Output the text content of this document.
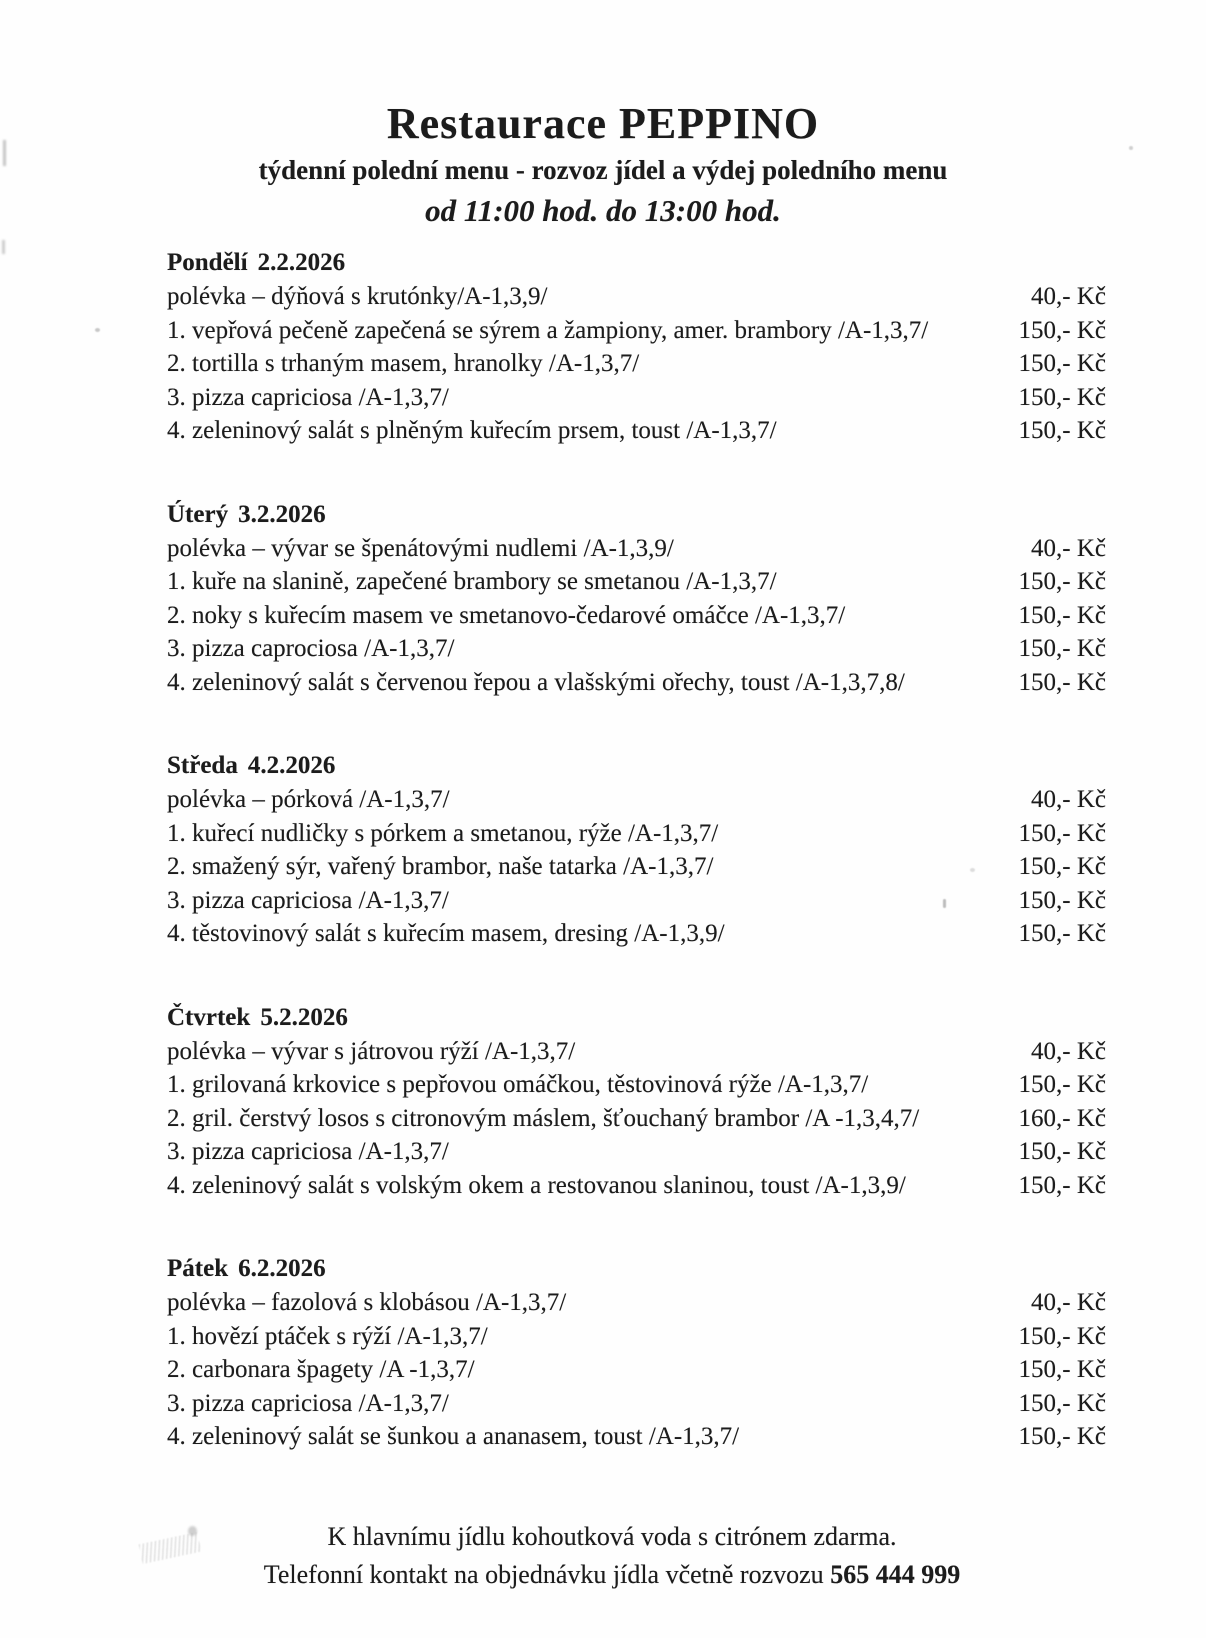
Restaurace PEPPINO
týdenní polední menu - rozvoz jídel a výdej poledního menu
od 11:00 hod. do 13:00 hod.
Pondělí 2.2.2026
polévka – dýňová s krutónky/A-1,3,9/	40,- Kč
1. vepřová pečeně zapečená se sýrem a žampiony, amer. brambory /A-1,3,7/	150,- Kč
2. tortilla s trhaným masem, hranolky /A-1,3,7/	150,- Kč
3. pizza capriciosa /A-1,3,7/	150,- Kč
4. zeleninový salát s plněným kuřecím prsem, toust /A-1,3,7/	150,- Kč
Úterý 3.2.2026
polévka – vývar se špenátovými nudlemi /A-1,3,9/	40,- Kč
1. kuře na slanině, zapečené brambory se smetanou /A-1,3,7/	150,- Kč
2. noky s kuřecím masem ve smetanovo-čedarové omáčce /A-1,3,7/	150,- Kč
3. pizza caprociosa /A-1,3,7/	150,- Kč
4. zeleninový salát s červenou řepou a vlašskými ořechy, toust /A-1,3,7,8/	150,- Kč
Středa 4.2.2026
polévka – pórková /A-1,3,7/	40,- Kč
1. kuřecí nudličky s pórkem a smetanou, rýže /A-1,3,7/	150,- Kč
2. smažený sýr, vařený brambor, naše tatarka /A-1,3,7/	150,- Kč
3. pizza capriciosa /A-1,3,7/	150,- Kč
4. těstovinový salát s kuřecím masem, dresing /A-1,3,9/	150,- Kč
Čtvrtek 5.2.2026
polévka – vývar s játrovou rýží /A-1,3,7/	40,- Kč
1. grilovaná krkovice s pepřovou omáčkou, těstovinová rýže /A-1,3,7/	150,- Kč
2. gril. čerstvý losos s citronovým máslem, šťouchaný brambor /A -1,3,4,7/	160,- Kč
3. pizza capriciosa /A-1,3,7/	150,- Kč
4. zeleninový salát s volským okem a restovanou slaninou, toust /A-1,3,9/	150,- Kč
Pátek 6.2.2026
polévka – fazolová s klobásou /A-1,3,7/	40,- Kč
1. hovězí ptáček s rýží /A-1,3,7/	150,- Kč
2. carbonara špagety /A -1,3,7/	150,- Kč
3. pizza capriciosa /A-1,3,7/	150,- Kč
4. zeleninový salát se šunkou a ananasem, toust /A-1,3,7/	150,- Kč
K hlavnímu jídlu kohoutková voda s citrónem zdarma.
Telefonní kontakt na objednávku jídla včetně rozvozu 565 444 999
